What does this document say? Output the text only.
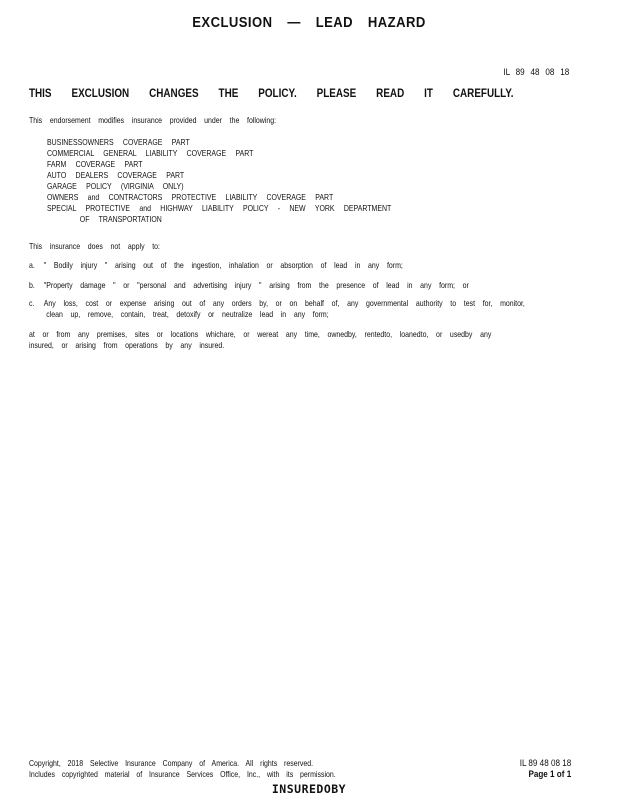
EXCLUSION — LEAD HAZARD
IL 89 48 08 18
THIS EXCLUSION CHANGES THE POLICY. PLEASE READ IT CAREFULLY.
This endorsement modifies insurance provided under the following:
BUSINESSOWNERS COVERAGE PART
COMMERCIAL GENERAL LIABILITY COVERAGE PART
FARM COVERAGE PART
AUTO DEALERS COVERAGE PART
GARAGE POLICY (VIRGINIA ONLY)
OWNERS and CONTRACTORS PROTECTIVE LIABILITY COVERAGE PART
SPECIAL PROTECTIVE and HIGHWAY LIABILITY POLICY - NEW YORK DEPARTMENT
OF TRANSPORTATION
This insurance does not apply to:
a. " Bodily injury " arising out of the ingestion, inhalation or absorption of lead in any form;
b. "Property damage " or "personal and advertising injury " arising from the presence of lead in any form; or
c. Any loss, cost or expense arising out of any orders by, or on behalf of, any governmental authority to test for, monitor,
clean up, remove, contain, treat, detoxify or neutralize lead in any form;
at or from any premises, sites or locations whichare, or wereat any time, ownedby, rentedto, loanedto, or usedby any
insured, or arising from operations by any insured.
Copyright, 2018 Selective Insurance Company of America. All rights reserved.
Includes copyrighted material of Insurance Services Office, Inc., with its permission.
IL 89 48 08 18
Page 1 of 1
INSUREDOBY
